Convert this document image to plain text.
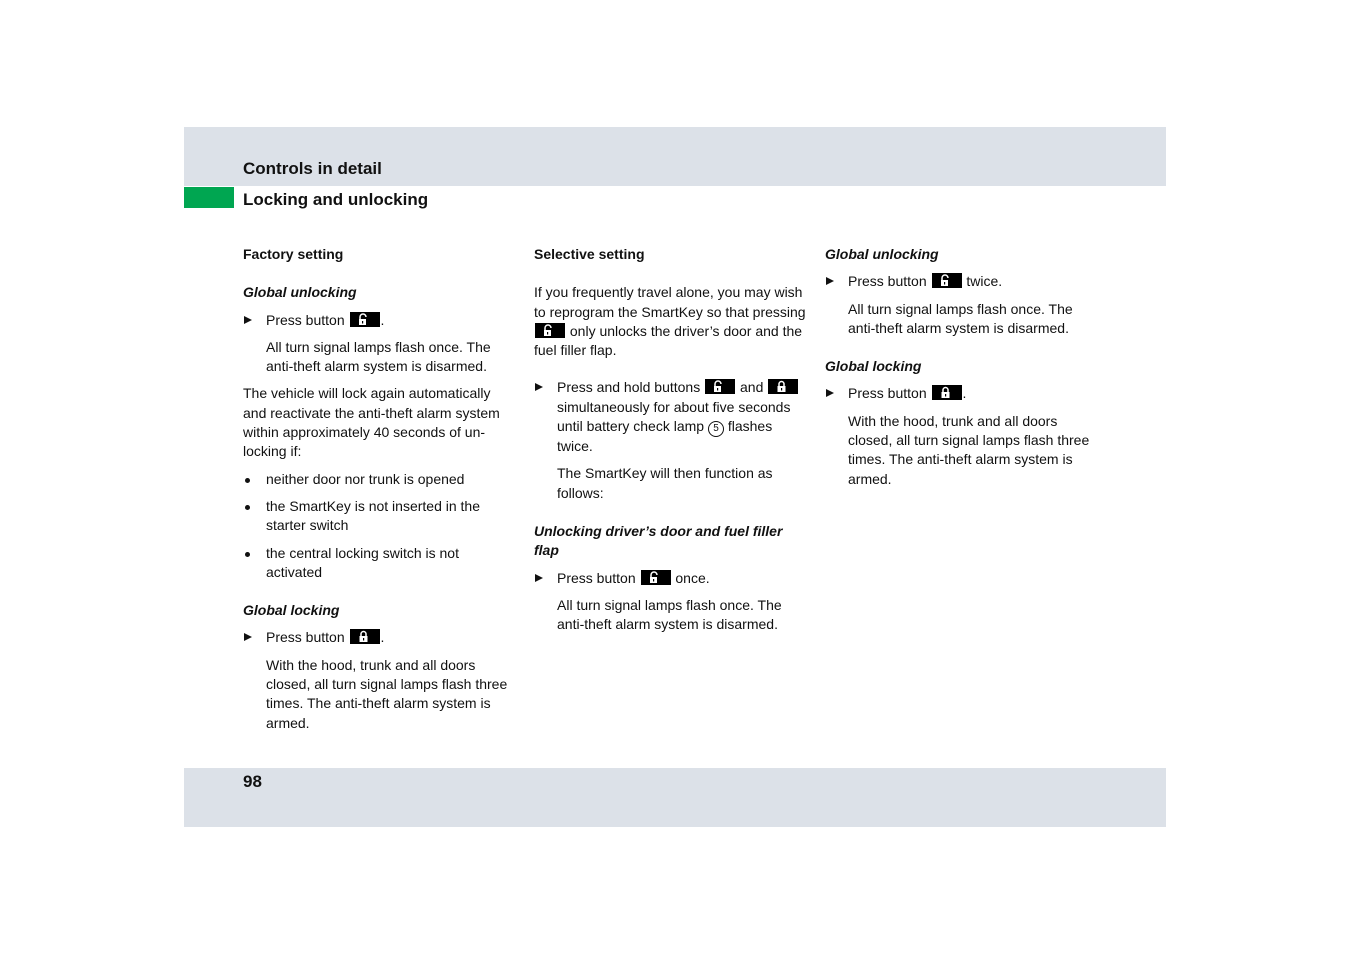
Controls in detail
Locking and unlocking

Factory setting

Global unlocking

Press button	.

All turn signal lamps flash once. The anti-theft alarm system is disarmed.

The vehicle will lock again automatically and reactivate the anti-theft alarm system within approximately 40 seconds of un-locking if:

neither door nor trunk is opened

the SmartKey is not inserted in the starter switch

the central locking switch is not activated

Global locking

Press button	.

With the hood, trunk and all doors closed, all turn signal lamps flash three times. The anti-theft alarm system is armed.

Selective setting

If you frequently travel alone, you may wish to reprogram the SmartKey so that pressing
only unlocks the driver’s door and the fuel filler flap.

Press and hold buttons	and
simultaneously for about five seconds until battery check lamp 5 flashes twice.

The SmartKey will then function as follows:

Unlocking driver’s door and fuel filler flap

Press button	once.

All turn signal lamps flash once. The anti-theft alarm system is disarmed.

Global unlocking

Press button	twice.

All turn signal lamps flash once. The anti-theft alarm system is disarmed.

Global locking

Press button	.

With the hood, trunk and all doors closed, all turn signal lamps flash three times. The anti-theft alarm system is armed.

98
